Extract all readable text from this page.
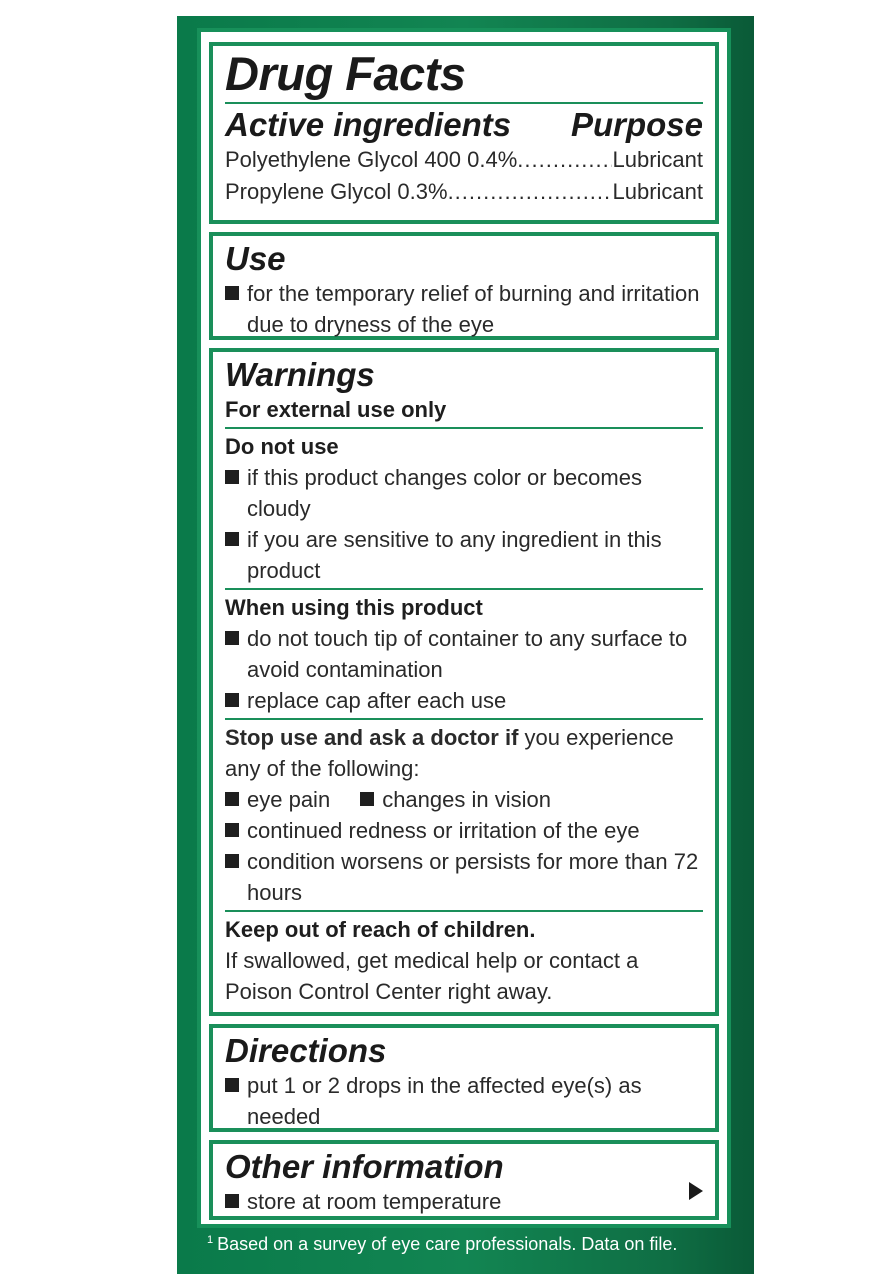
Drug Facts
Active ingredients Purpose
Polyethylene Glycol 400 0.4% .....	Lubricant
Propylene Glycol 0.3% .....	Lubricant
Use
for the temporary relief of burning and irritation due to dryness of the eye
Warnings
For external use only
Do not use
if this product changes color or becomes cloudy
if you are sensitive to any ingredient in this product
When using this product
do not touch tip of container to any surface to avoid contamination
replace cap after each use
Stop use and ask a doctor if you experience any of the following:
eye pain changes in vision
continued redness or irritation of the eye
condition worsens or persists for more than 72 hours
Keep out of reach of children.
If swallowed, get medical help or contact a Poison Control Center right away.
Directions
put 1 or 2 drops in the affected eye(s) as needed
Other information
store at room temperature
$^1$ Based on a survey of eye care professionals. Data on file.
